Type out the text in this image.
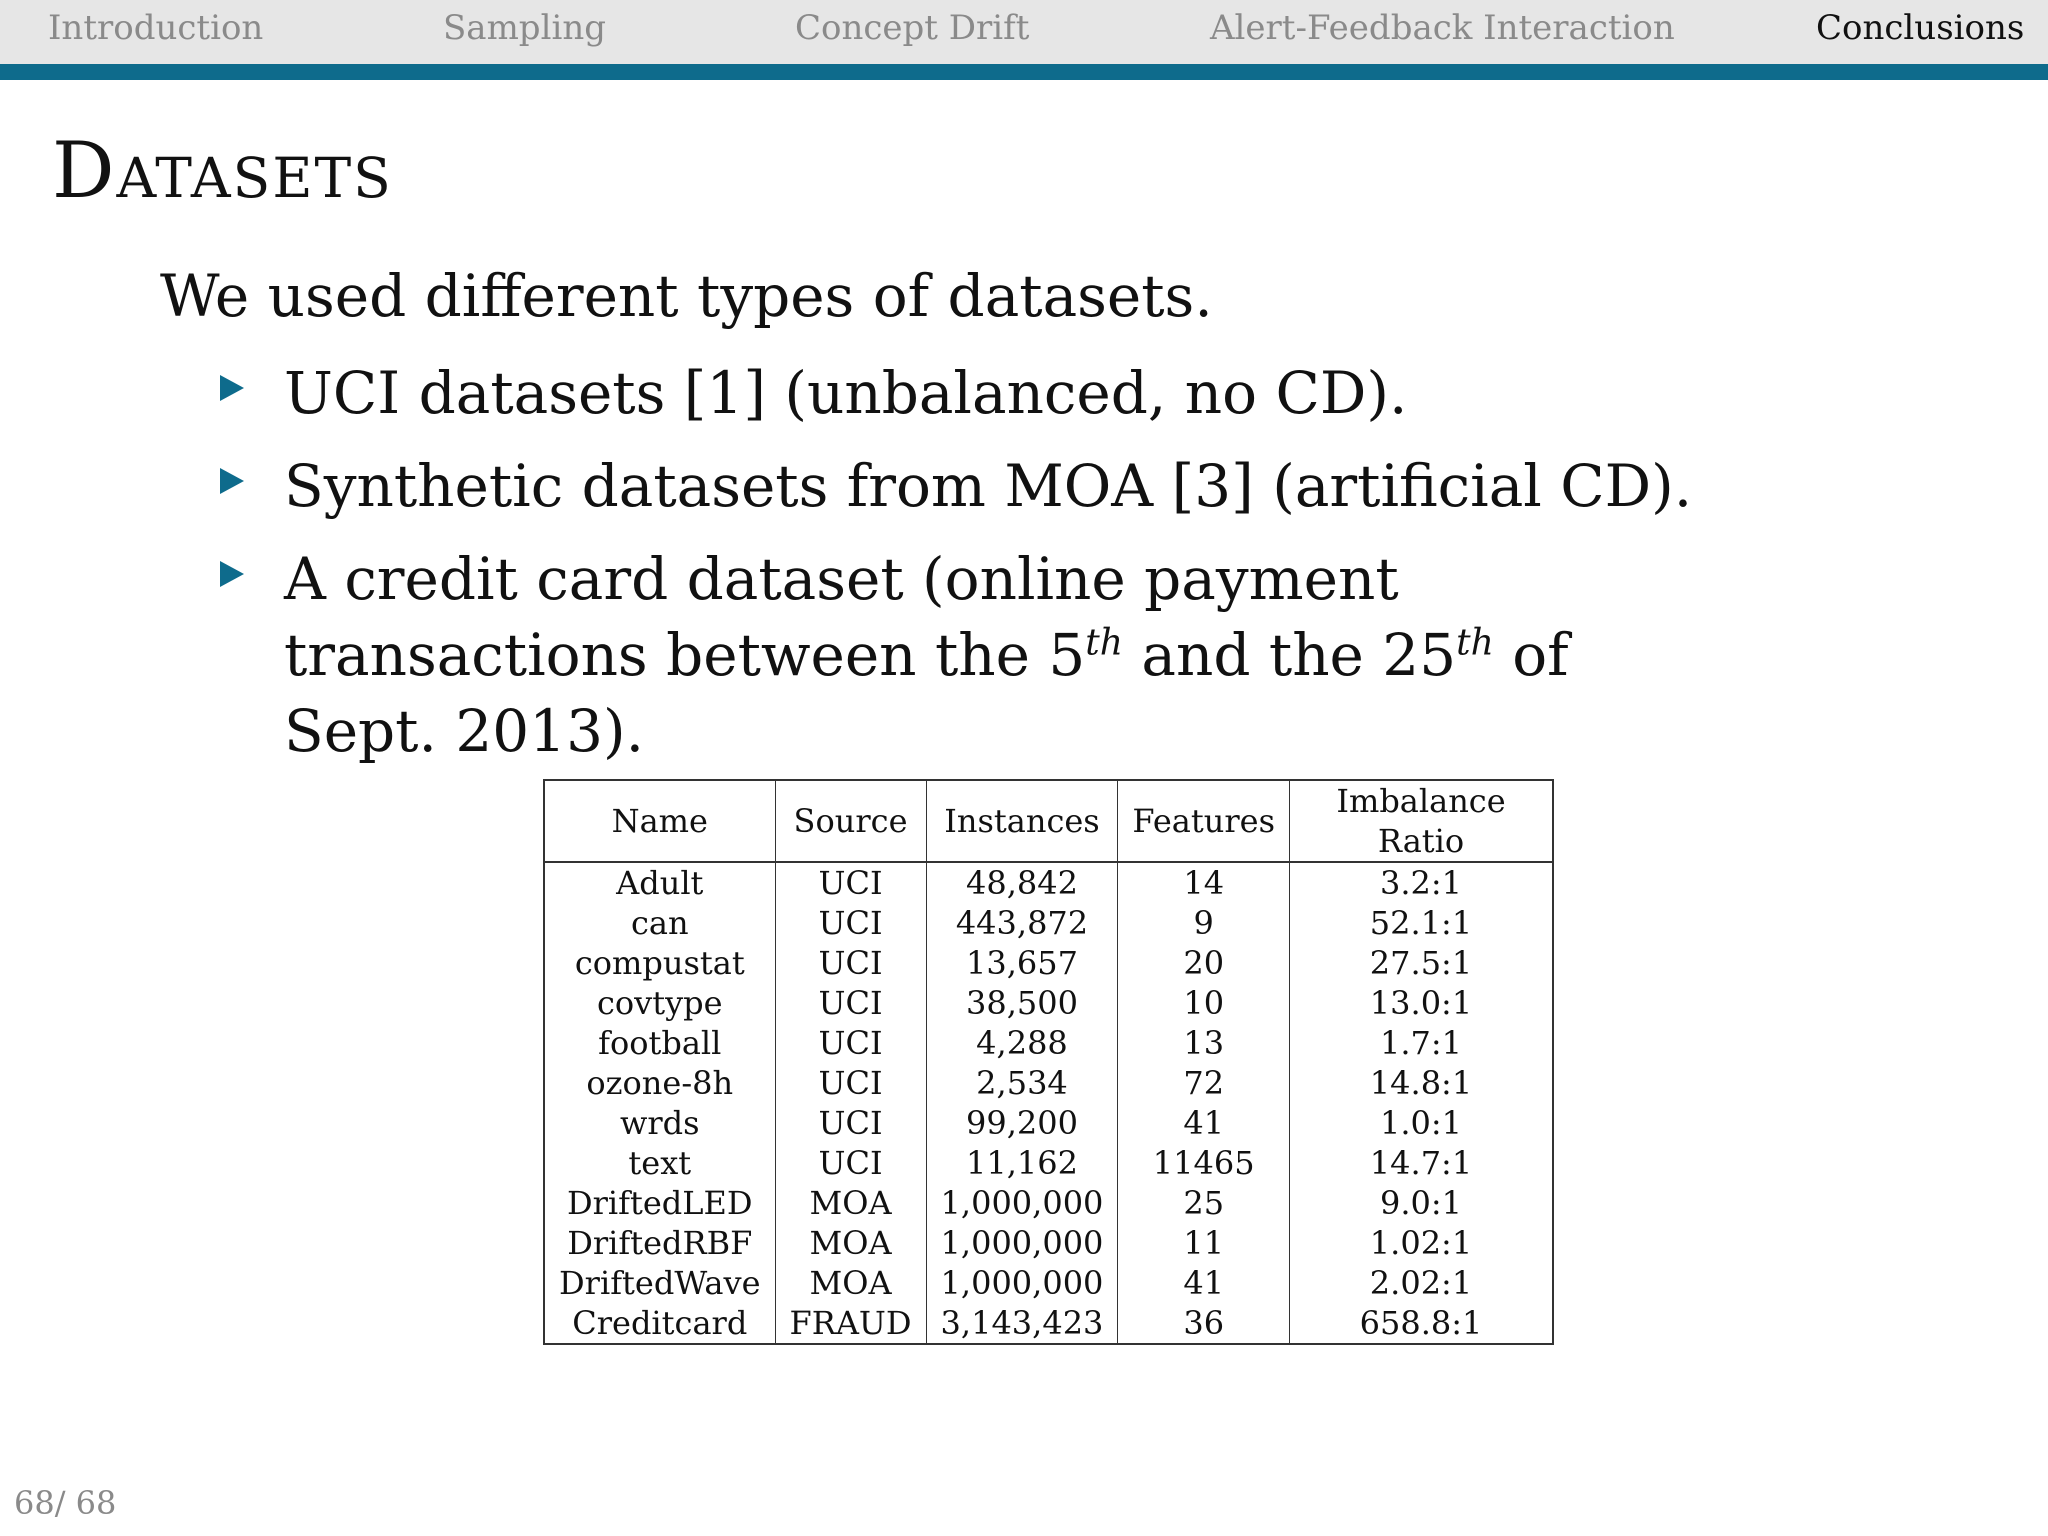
Introduction	Sampling	Concept Drift	Alert-Feedback Interaction	Conclusions
Datasets
We used different types of datasets.
UCI datasets [1] (unbalanced, no CD).
Synthetic datasets from MOA [3] (artificial CD).
A credit card dataset (online payment transactions between the 5th and the 25th of Sept. 2013).
Name	Source	Instances	Features	Imbalance Ratio
Adult	UCI	48,842	14	3.2:1
can	UCI	443,872	9	52.1:1
compustat	UCI	13,657	20	27.5:1
covtype	UCI	38,500	10	13.0:1
football	UCI	4,288	13	1.7:1
ozone-8h	UCI	2,534	72	14.8:1
wrds	UCI	99,200	41	1.0:1
text	UCI	11,162	11465	14.7:1
DriftedLED	MOA	1,000,000	25	9.0:1
DriftedRBF	MOA	1,000,000	11	1.02:1
DriftedWave	MOA	1,000,000	41	2.02:1
Creditcard	FRAUD	3,143,423	36	658.8:1
68/ 68
